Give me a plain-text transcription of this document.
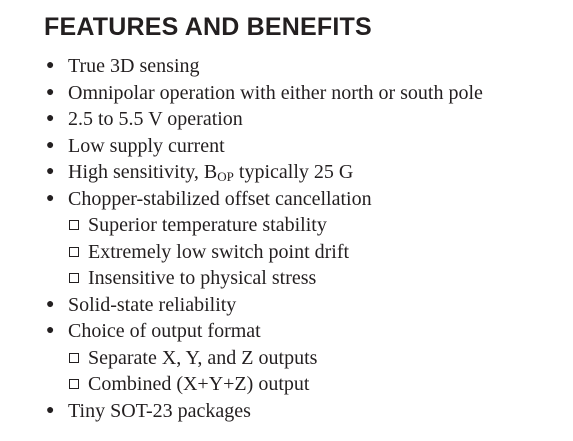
FEATURES AND BENEFITS
● True 3D sensing
● Omnipolar operation with either north or south pole
● 2.5 to 5.5 V operation
● Low supply current
● High sensitivity, $B_{OP}$ typically 25 G
● Chopper-stabilized offset cancellation
Superior temperature stability
Extremely low switch point drift
Insensitive to physical stress
● Solid-state reliability
● Choice of output format
Separate X, Y, and Z outputs
Combined (X+Y+Z) output
● Tiny SOT-23 packages
